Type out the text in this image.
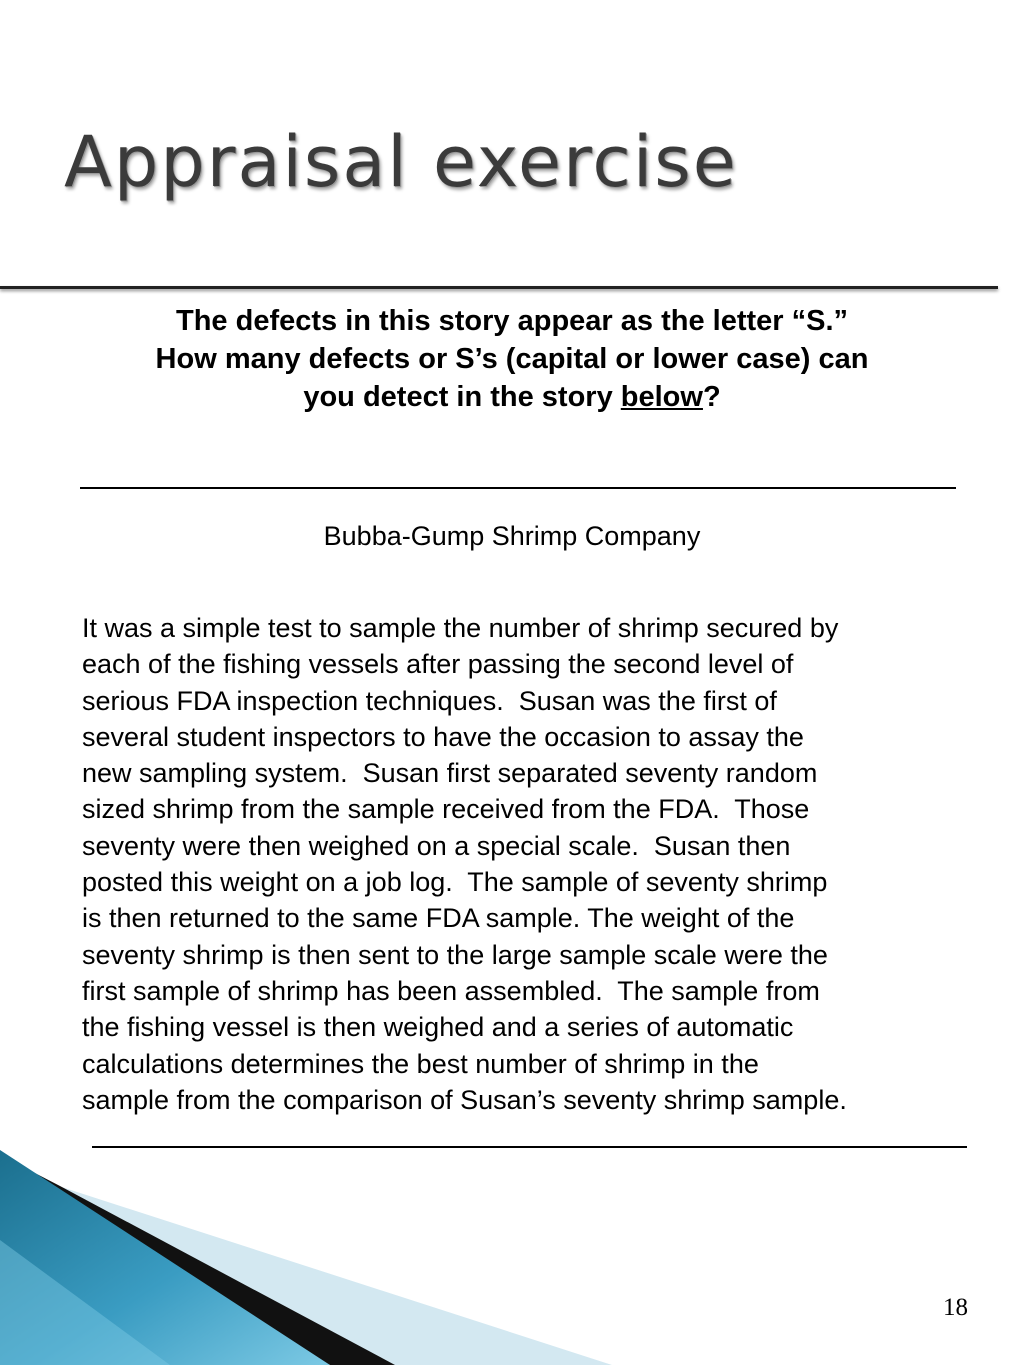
Appraisal exercise

The defects in this story appear as the letter “S.”
How many defects or S’s (capital or lower case) can
you detect in the story below?

Bubba-Gump Shrimp Company
It was a simple test to sample the number of shrimp secured by
each of the fishing vessels after passing the second level of
serious FDA inspection techniques.  Susan was the first of
several student inspectors to have the occasion to assay the
new sampling system.  Susan first separated seventy random
sized shrimp from the sample received from the FDA.  Those
seventy were then weighed on a special scale.  Susan then
posted this weight on a job log.  The sample of seventy shrimp
is then returned to the same FDA sample. The weight of the
seventy shrimp is then sent to the large sample scale were the
first sample of shrimp has been assembled.  The sample from
the fishing vessel is then weighed and a series of automatic
calculations determines the best number of shrimp in the
sample from the comparison of Susan’s seventy shrimp sample.
18
